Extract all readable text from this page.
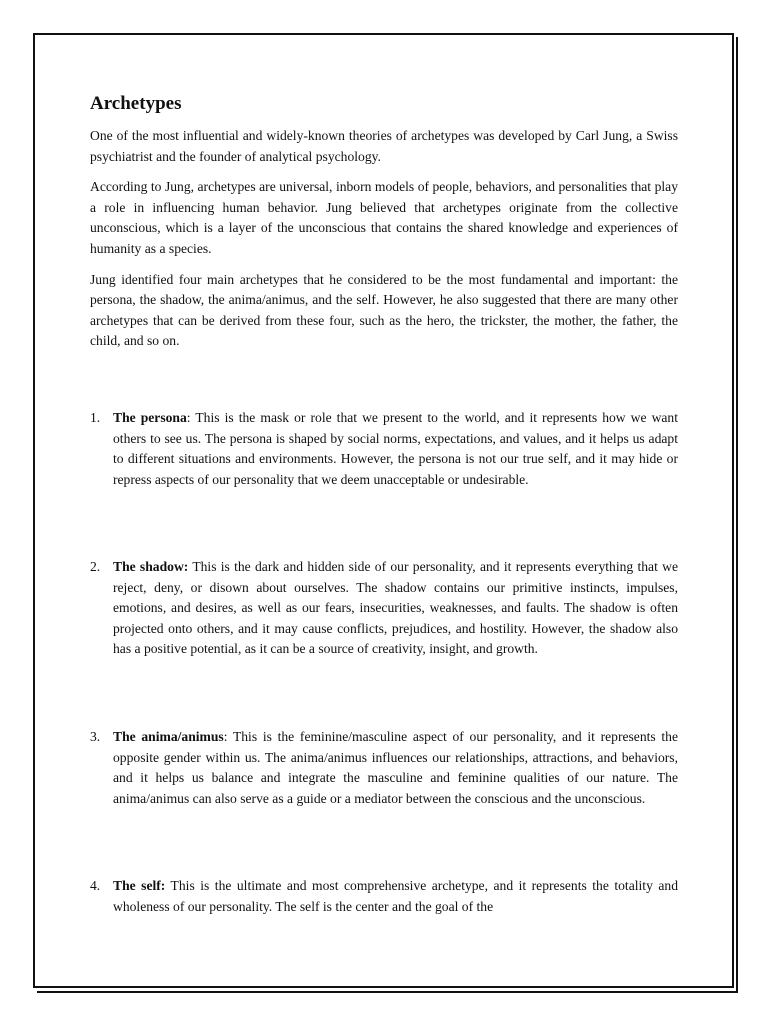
Archetypes

One of the most influential and widely-known theories of archetypes was developed by Carl Jung, a Swiss psychiatrist and the founder of analytical psychology.

According to Jung, archetypes are universal, inborn models of people, behaviors, and personalities that play a role in influencing human behavior. Jung believed that archetypes originate from the collective unconscious, which is a layer of the unconscious that contains the shared knowledge and experiences of humanity as a species.

Jung identified four main archetypes that he considered to be the most fundamental and important: the persona, the shadow, the anima/animus, and the self. However, he also suggested that there are many other archetypes that can be derived from these four, such as the hero, the trickster, the mother, the father, the child, and so on.

1. The persona: This is the mask or role that we present to the world, and it represents how we want others to see us. The persona is shaped by social norms, expectations, and values, and it helps us adapt to different situations and environments. However, the persona is not our true self, and it may hide or repress aspects of our personality that we deem unacceptable or undesirable.
2. The shadow: This is the dark and hidden side of our personality, and it represents everything that we reject, deny, or disown about ourselves. The shadow contains our primitive instincts, impulses, emotions, and desires, as well as our fears, insecurities, weaknesses, and faults. The shadow is often projected onto others, and it may cause conflicts, prejudices, and hostility. However, the shadow also has a positive potential, as it can be a source of creativity, insight, and growth.
3. The anima/animus: This is the feminine/masculine aspect of our personality, and it represents the opposite gender within us. The anima/animus influences our relationships, attractions, and behaviors, and it helps us balance and integrate the masculine and feminine qualities of our nature. The anima/animus can also serve as a guide or a mediator between the conscious and the unconscious.
4. The self: This is the ultimate and most comprehensive archetype, and it represents the totality and wholeness of our personality. The self is the center and the goal of the
